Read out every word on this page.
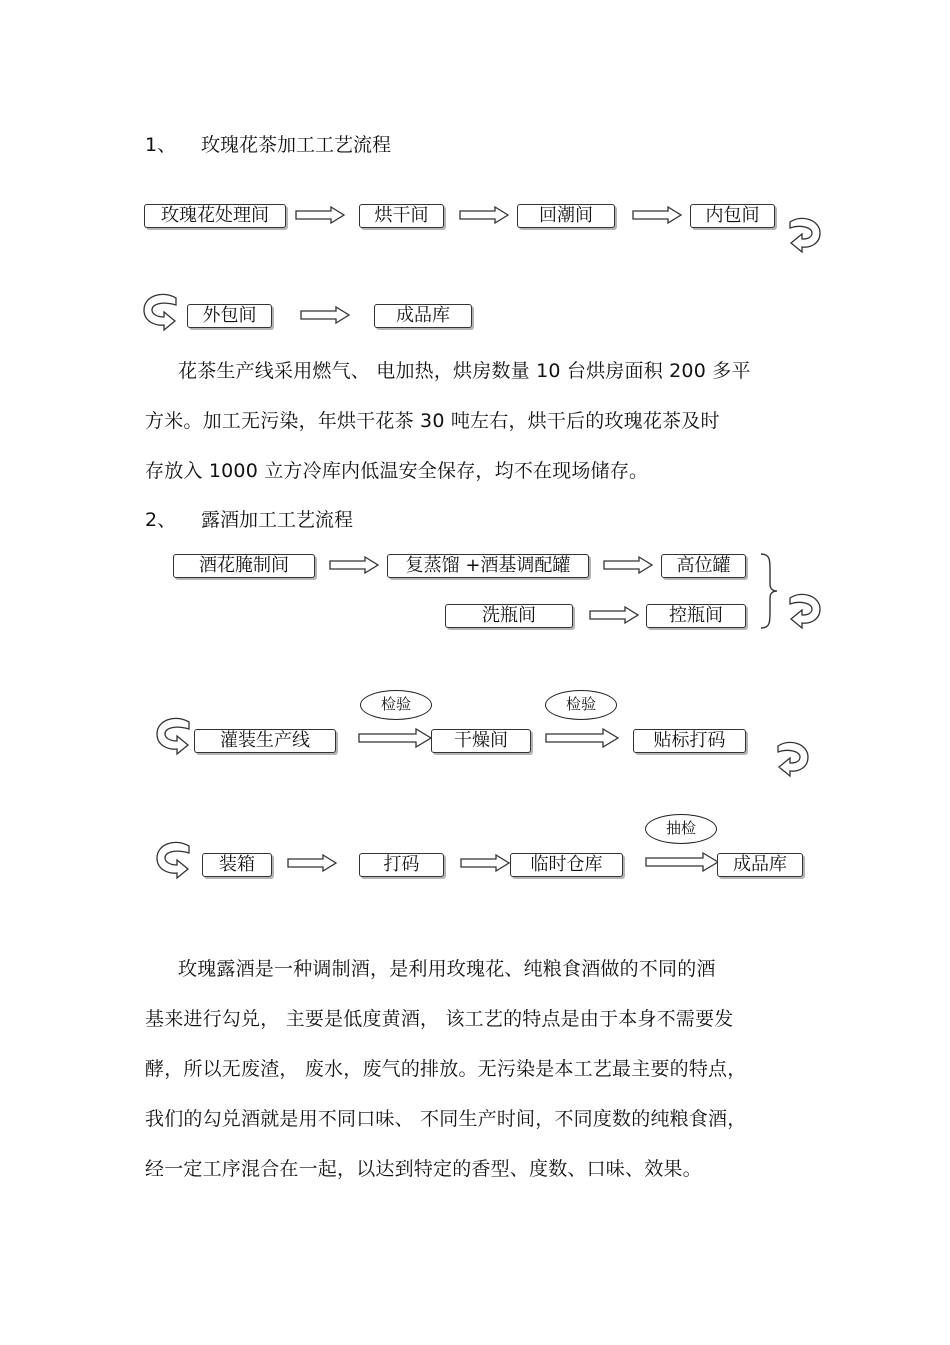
1、 玫瑰花茶加工工艺流程
玫瑰花处理间	烘干间	回潮间	内包间
外包间	成品库
花茶生产线采用燃气、 电加热，烘房数量 10 台烘房面积 200 多平
方米。加工无污染，年烘干花茶 30 吨左右，烘干后的玫瑰花茶及时
存放入 1000 立方冷库内低温安全保存，均不在现场储存。
2、 露酒加工工艺流程
酒花腌制间	复蒸馏 +酒基调配罐	高位罐
洗瓶间	控瓶间
检验	检验
灌装生产线	干燥间	贴标打码
抽检
装箱	打码	临时仓库	成品库
玫瑰露酒是一种调制酒，是利用玫瑰花、纯粮食酒做的不同的酒
基来进行勾兑， 主要是低度黄酒， 该工艺的特点是由于本身不需要发
酵，所以无废渣， 废水，废气的排放。无污染是本工艺最主要的特点，
我们的勾兑酒就是用不同口味、 不同生产时间，不同度数的纯粮食酒，
经一定工序混合在一起，以达到特定的香型、度数、口味、效果。
